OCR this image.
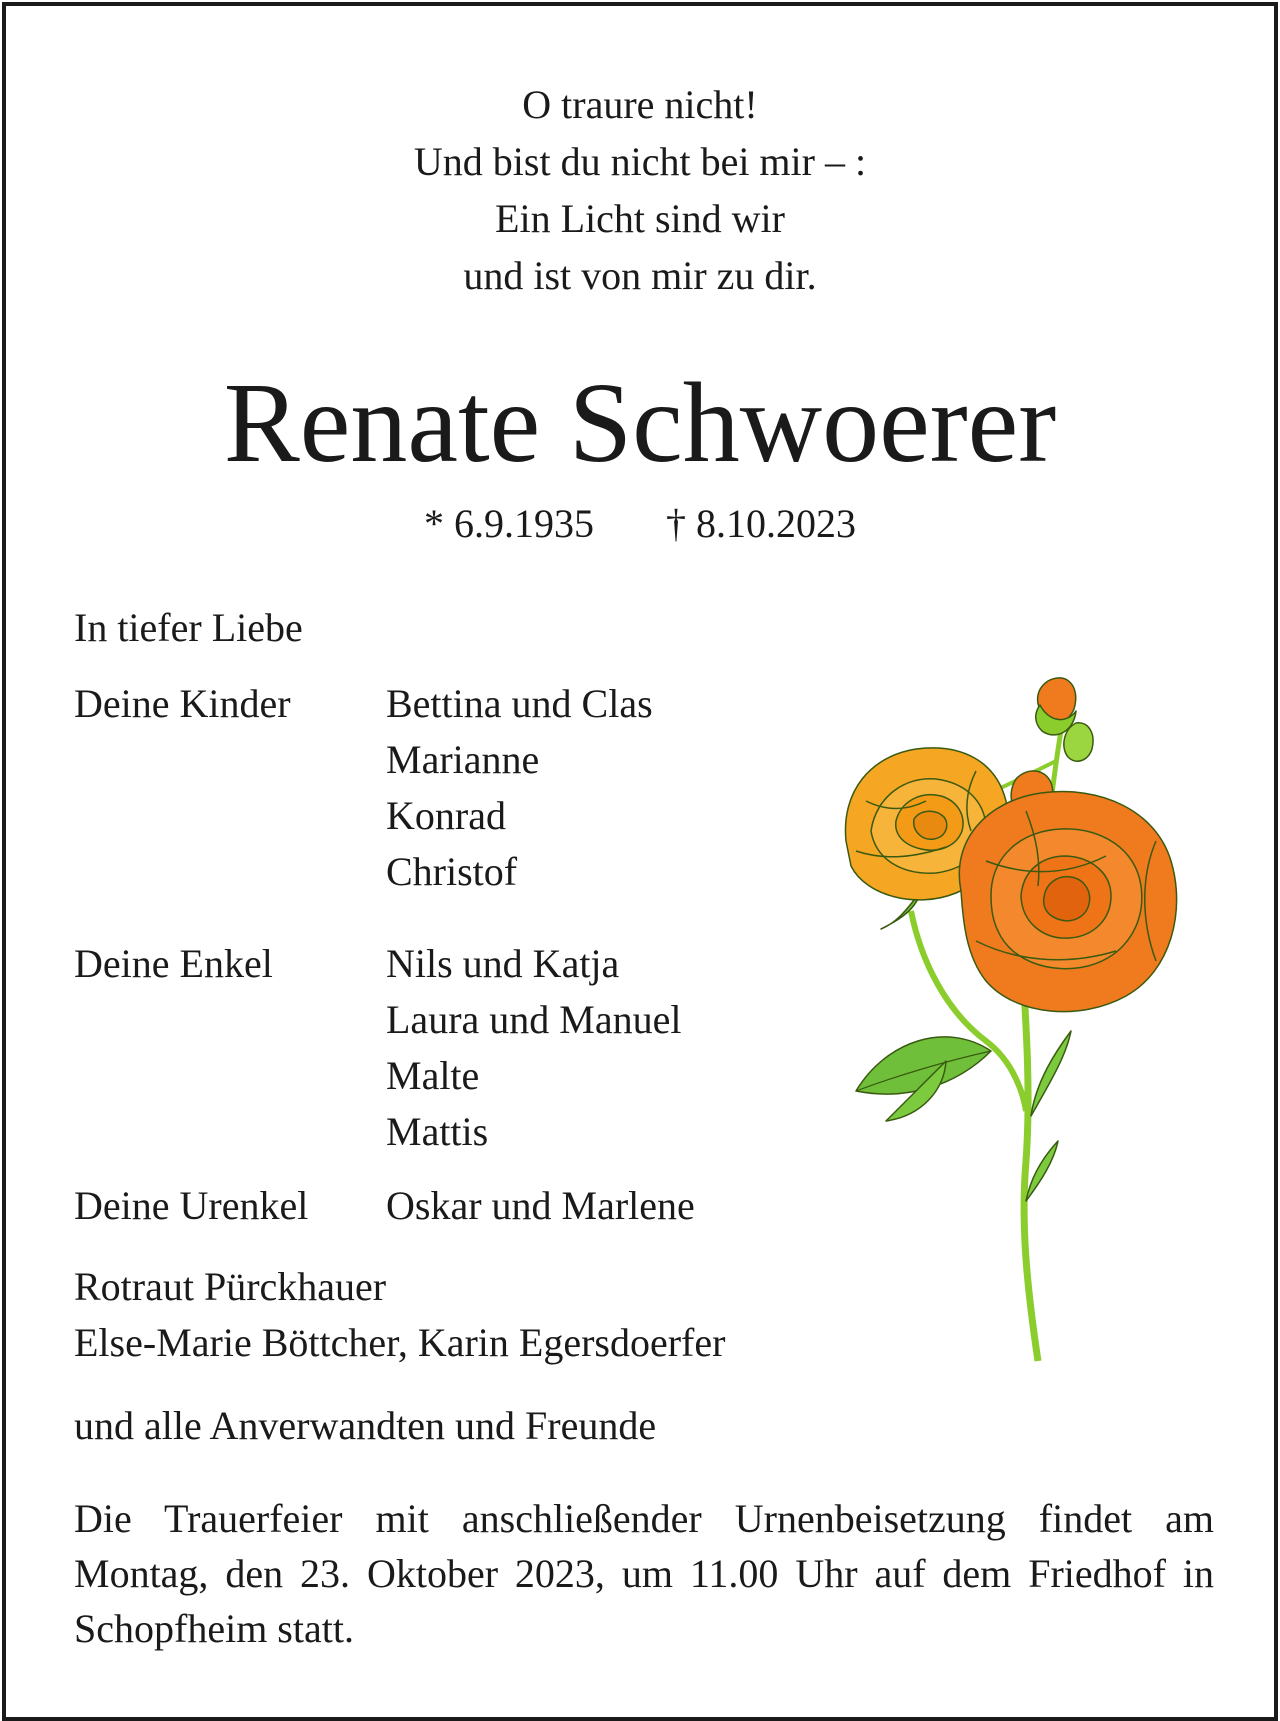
O traure nicht!
Und bist du nicht bei mir – :
Ein Licht sind wir
und ist von mir zu dir.
Renate Schwoerer
* 6.9.1935 † 8.10.2023
In tiefer Liebe
Deine Kinder Bettina und Clas
Marianne
Konrad
Christof
Deine Enkel	Nils und Katja
Laura und Manuel
Malte
Mattis
Deine Urenkel Oskar und Marlene
Rotraut Pürckhauer
Else-Marie Böttcher, Karin Egersdoerfer
und alle Anverwandten und Freunde
Die Trauerfeier mit anschließender Urnenbeisetzung findet am Montag, den 23. Oktober 2023, um 11.00 Uhr auf dem Friedhof in Schopfheim statt.
